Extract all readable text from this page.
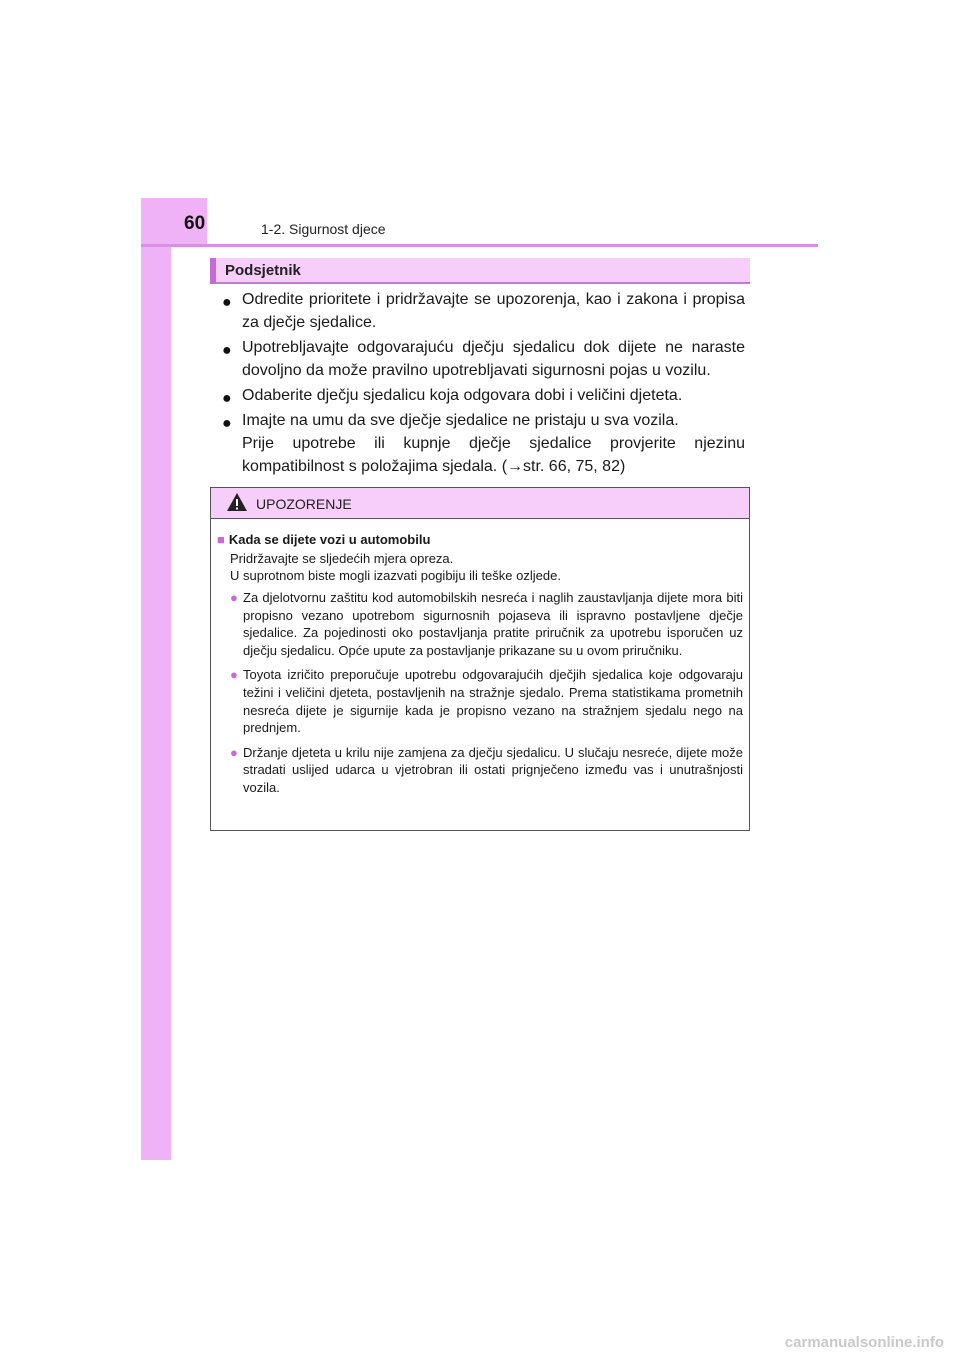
60	1-2. Sigurnost djece
Podsjetnik
● Odredite prioritete i pridržavajte se upozorenja, kao i zakona i propisa za dječje sjedalice.

● Upotrebljavajte odgovarajuću dječju sjedalicu dok dijete ne naraste dovoljno da može pravilno upotrebljavati sigurnosni pojas u vozilu.

● Odaberite dječju sjedalicu koja odgovara dobi i veličini djeteta.

● Imajte na umu da sve dječje sjedalice ne pristaju u sva vozila.

Prije upotrebe ili kupnje dječje sjedalice provjerite njezinu kompatibilnost s položajima sjedala. (→str. 66, 75, 82)

UPOZORENJE
■ Kada se dijete vozi u automobilu
Pridržavajte se sljedećih mjera opreza.
U suprotnom biste mogli izazvati pogibiju ili teške ozljede.
● Za djelotvornu zaštitu kod automobilskih nesreća i naglih zaustavljanja dijete mora biti propisno vezano upotrebom sigurnosnih pojaseva ili ispravno postavljene dječje sjedalice. Za pojedinosti oko postavljanja pratite priručnik za upotrebu isporučen uz dječju sjedalicu. Opće upute za postavljanje prikazane su u ovom priručniku.
● Toyota izričito preporučuje upotrebu odgovarajućih dječjih sjedalica koje odgovaraju težini i veličini djeteta, postavljenih na stražnje sjedalo. Prema statistikama prometnih nesreća dijete je sigurnije kada je propisno vezano na stražnjem sjedalu nego na prednjem.
● Držanje djeteta u krilu nije zamjena za dječju sjedalicu. U slučaju nesreće, dijete može stradati uslijed udarca u vjetrobran ili ostati prignječeno između vas i unutrašnjosti vozila.
carmanualsonline.info
